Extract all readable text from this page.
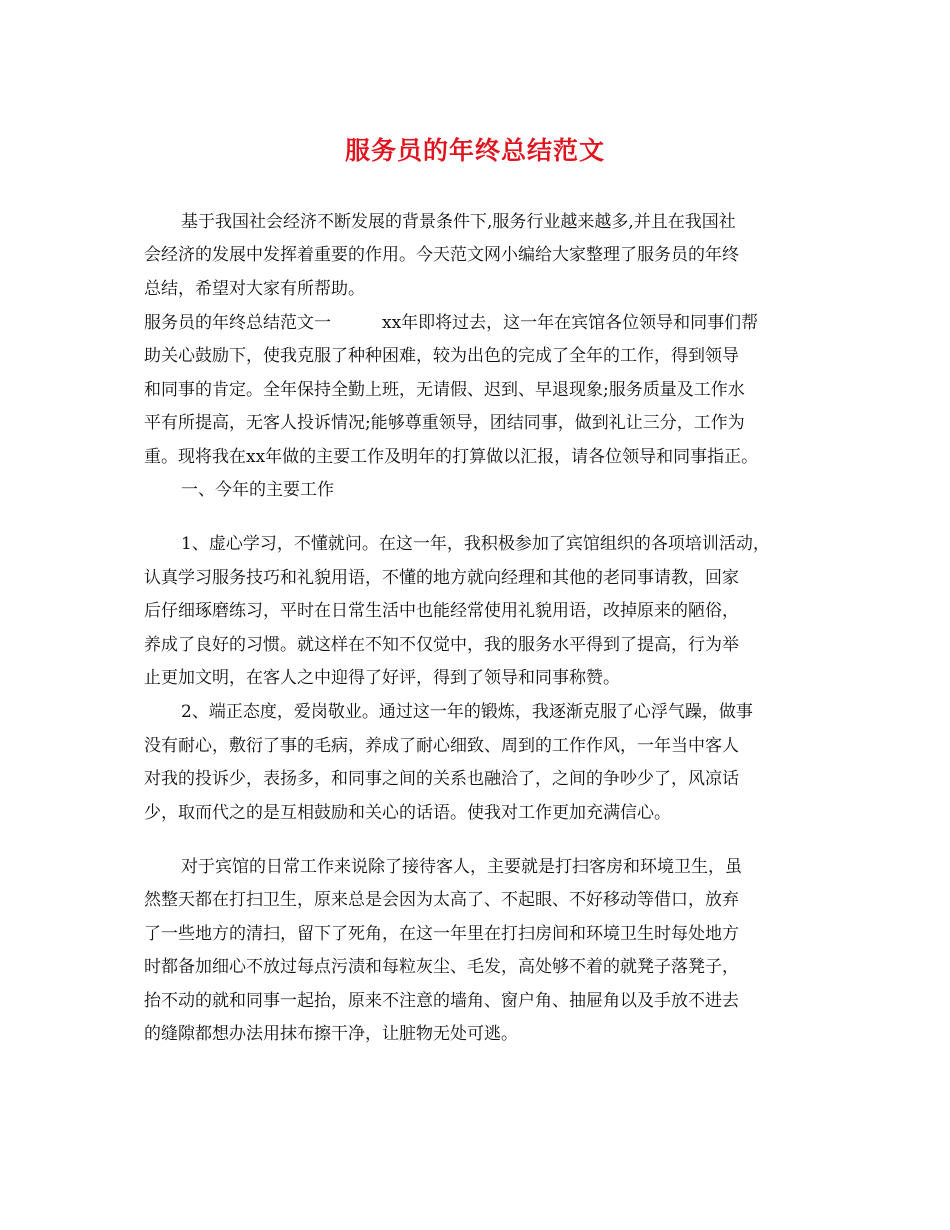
服务员的年终总结范文
基于我国社会经济不断发展的背景条件下,服务行业越来越多,并且在我国社
会经济的发展中发挥着重要的作用。今天范文网小编给大家整理了服务员的年终
总结，希望对大家有所帮助。
服务员的年终总结范文一	xx年即将过去，这一年在宾馆各位领导和同事们帮
助关心鼓励下，使我克服了种种困难，较为出色的完成了全年的工作，得到领导
和同事的肯定。全年保持全勤上班，无请假、迟到、早退现象;服务质量及工作水
平有所提高，无客人投诉情况;能够尊重领导，团结同事，做到礼让三分，工作为
重。现将我在xx年做的主要工作及明年的打算做以汇报，请各位领导和同事指正。
一、今年的主要工作
1、虚心学习，不懂就问。在这一年，我积极参加了宾馆组织的各项培训活动，
认真学习服务技巧和礼貌用语，不懂的地方就向经理和其他的老同事请教，回家
后仔细琢磨练习，平时在日常生活中也能经常使用礼貌用语，改掉原来的陋俗，
养成了良好的习惯。就这样在不知不仅觉中，我的服务水平得到了提高，行为举
止更加文明，在客人之中迎得了好评，得到了领导和同事称赞。
2、端正态度，爱岗敬业。通过这一年的锻炼，我逐渐克服了心浮气躁，做事
没有耐心，敷衍了事的毛病，养成了耐心细致、周到的工作作风，一年当中客人
对我的投诉少，表扬多，和同事之间的关系也融洽了，之间的争吵少了，风凉话
少，取而代之的是互相鼓励和关心的话语。使我对工作更加充满信心。
对于宾馆的日常工作来说除了接待客人，主要就是打扫客房和环境卫生，虽
然整天都在打扫卫生，原来总是会因为太高了、不起眼、不好移动等借口，放弃
了一些地方的清扫，留下了死角，在这一年里在打扫房间和环境卫生时每处地方
时都备加细心不放过每点污渍和每粒灰尘、毛发，高处够不着的就凳子落凳子，
抬不动的就和同事一起抬，原来不注意的墙角、窗户角、抽屉角以及手放不进去
的缝隙都想办法用抹布擦干净，让脏物无处可逃。
